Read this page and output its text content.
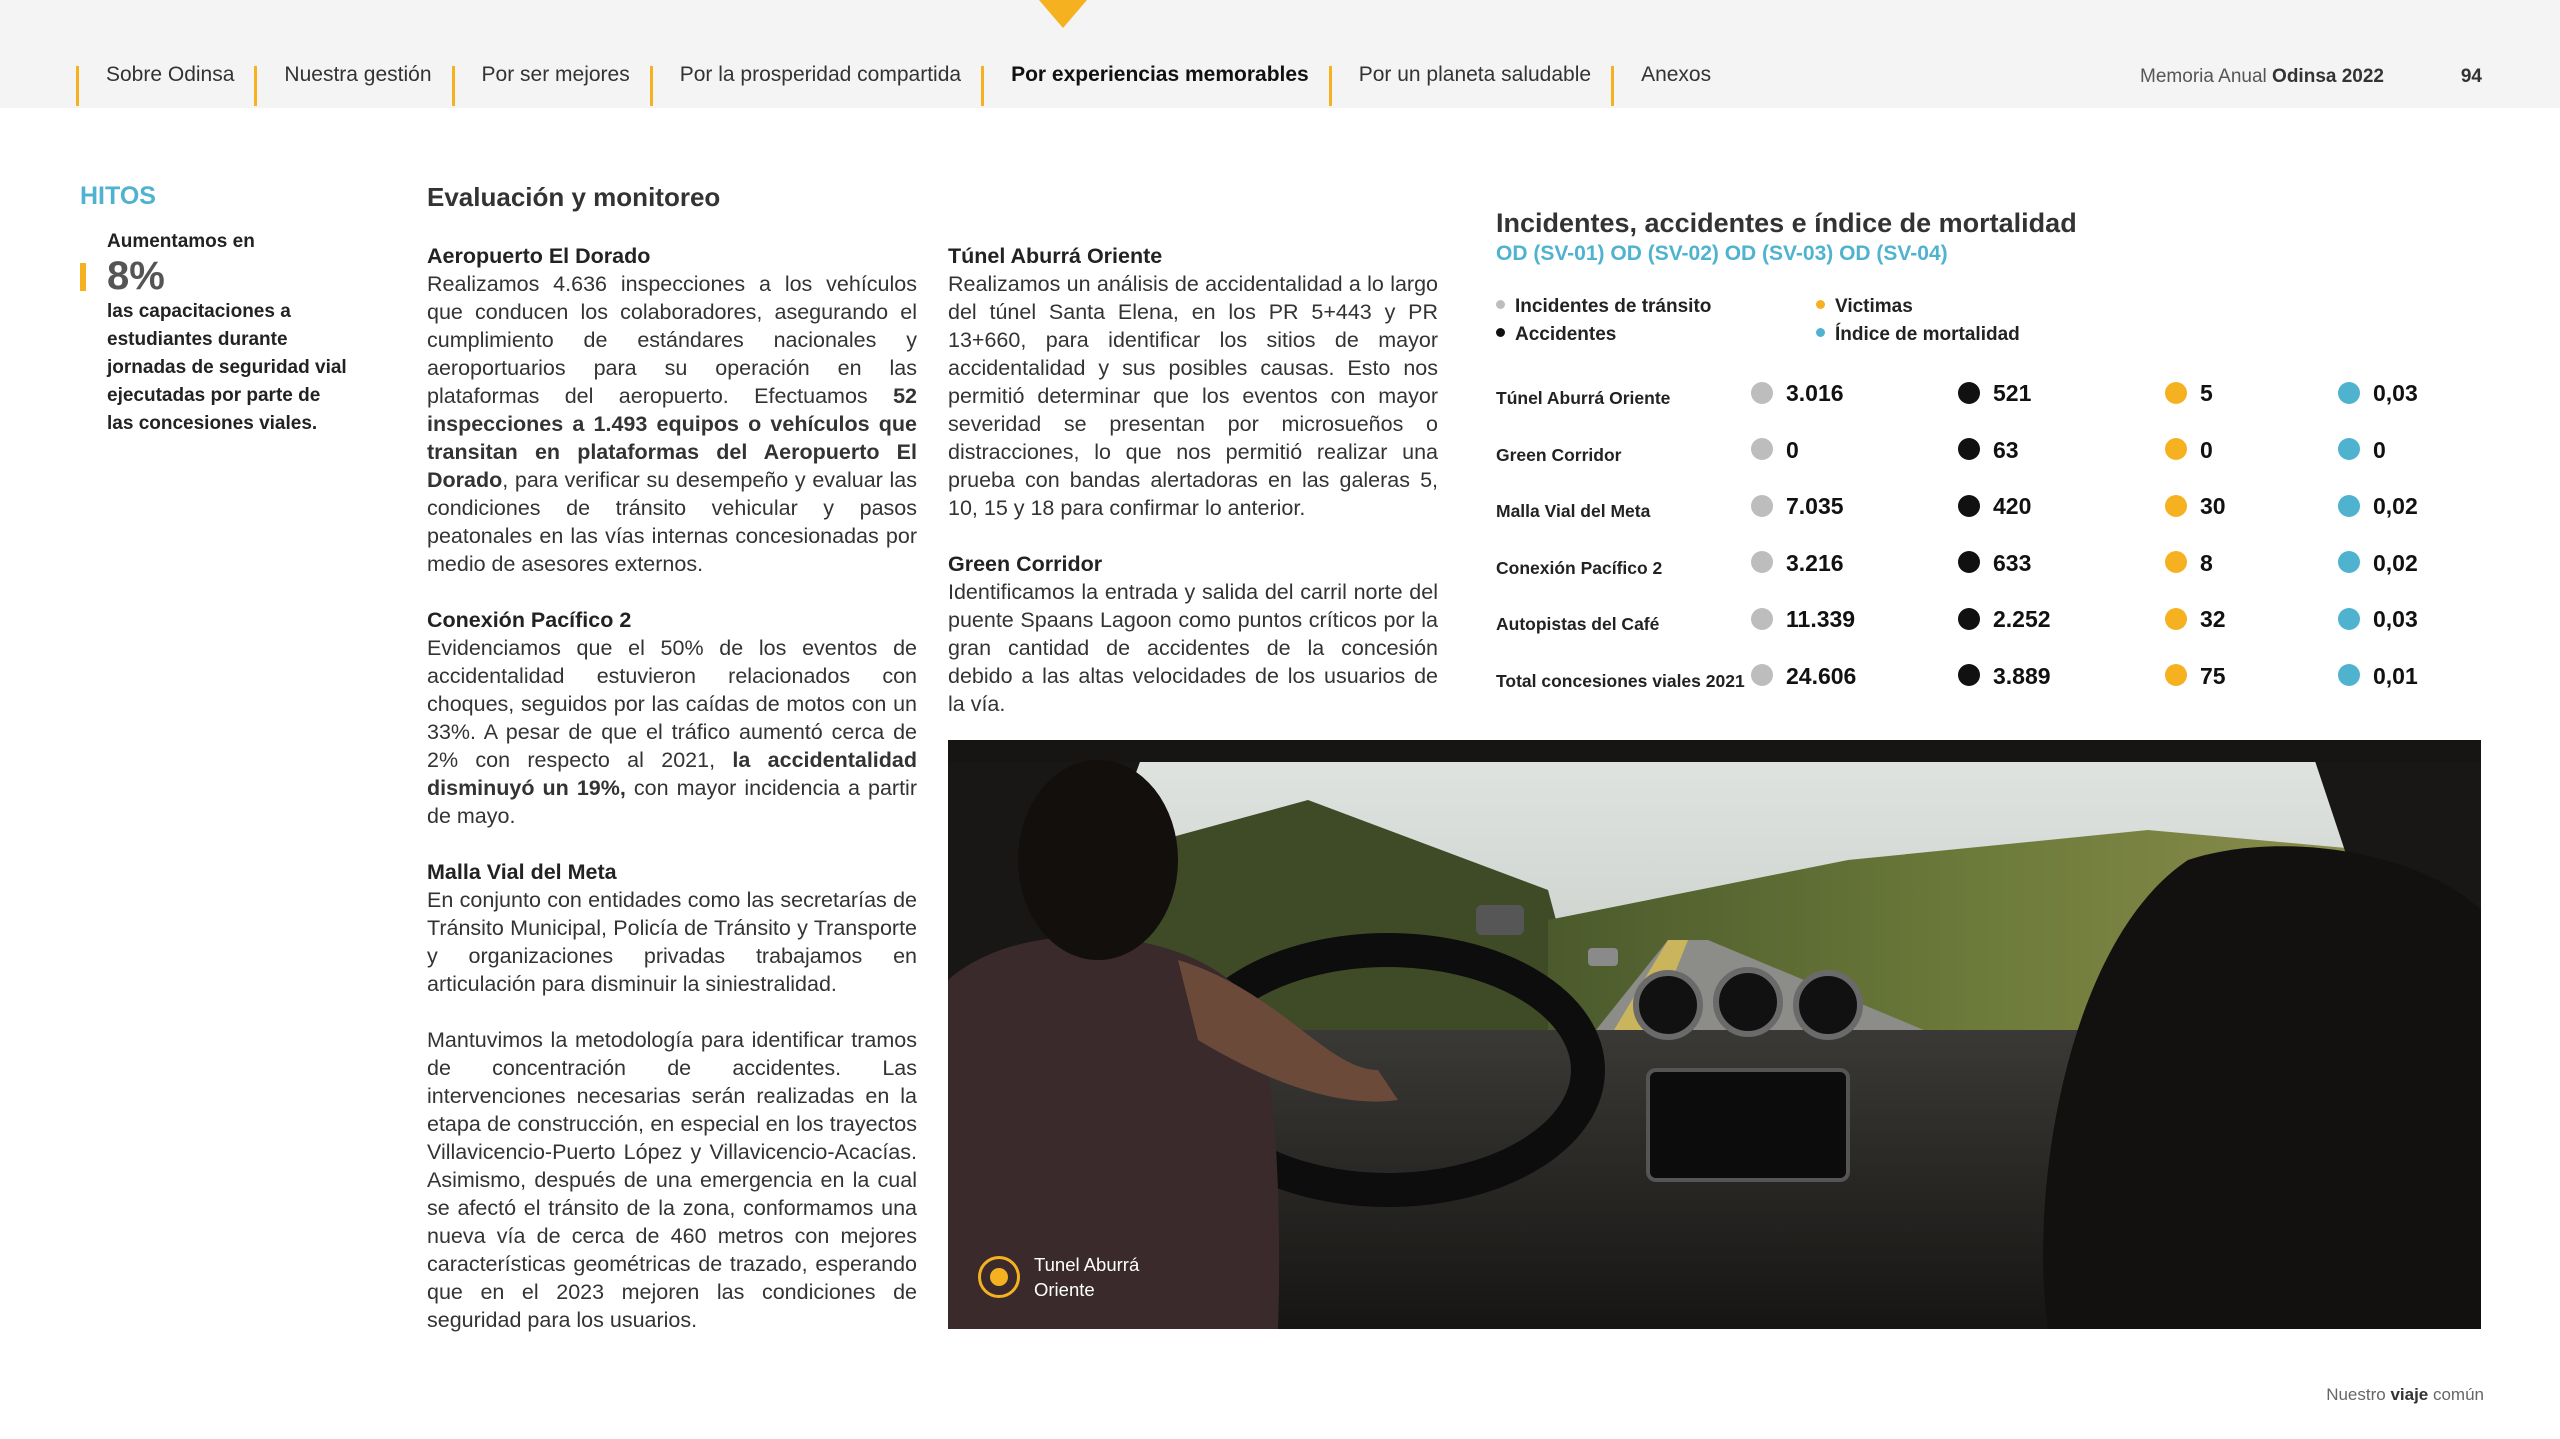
Sobre Odinsa	Nuestra gestión	Por ser mejores	Por la prosperidad compartida	Por experiencias memorables	Por un planeta saludable	Anexos	Memoria Anual Odinsa 2022	94
HITOS
Aumentamos en
8%
las capacitaciones a estudiantes durante jornadas de seguridad vial ejecutadas por parte de las concesiones viales.
Evaluación y monitoreo
Aeropuerto El Dorado
Realizamos 4.636 inspecciones a los vehículos que conducen los colaboradores, asegurando el cumplimiento de estándares nacionales y aeroportuarios para su operación en las plataformas del aeropuerto. Efectuamos 52 inspecciones a 1.493 equipos o vehículos que transitan en plataformas del Aeropuerto El Dorado, para verificar su desempeño y evaluar las condiciones de tránsito vehicular y pasos peatonales en las vías internas concesionadas por medio de asesores externos.
Conexión Pacífico 2
Evidenciamos que el 50% de los eventos de accidentalidad estuvieron relacionados con choques, seguidos por las caídas de motos con un 33%. A pesar de que el tráfico aumentó cerca de 2% con respecto al 2021, la accidentalidad disminuyó un 19%, con mayor incidencia a partir de mayo.
Malla Vial del Meta
En conjunto con entidades como las secretarías de Tránsito Municipal, Policía de Tránsito y Transporte y organizaciones privadas trabajamos en articulación para disminuir la siniestralidad.
Mantuvimos la metodología para identificar tramos de concentración de accidentes. Las intervenciones necesarias serán realizadas en la etapa de construcción, en especial en los trayectos Villavicencio-Puerto López y Villavicencio-Acacías. Asimismo, después de una emergencia en la cual se afectó el tránsito de la zona, conformamos una nueva vía de cerca de 460 metros con mejores características geométricas de trazado, esperando que en el 2023 mejoren las condiciones de seguridad para los usuarios.
Túnel Aburrá Oriente
Realizamos un análisis de accidentalidad a lo largo del túnel Santa Elena, en los PR 5+443 y PR 13+660, para identificar los sitios de mayor accidentalidad y sus posibles causas. Esto nos permitió determinar que los eventos con mayor severidad se presentan por microsueños o distracciones, lo que nos permitió realizar una prueba con bandas alertadoras en las galeras 5, 10, 15 y 18 para confirmar lo anterior.
Green Corridor
Identificamos la entrada y salida del carril norte del puente Spaans Lagoon como puntos críticos por la gran cantidad de accidentes de la concesión debido a las altas velocidades de los usuarios de la vía.
Incidentes, accidentes e índice de mortalidad
OD (SV-01) OD (SV-02) OD (SV-03) OD (SV-04)
Incidentes de tránsito	Victimas
Accidentes	Índice de mortalidad
Túnel Aburrá Oriente	3.016	521	5	0,03
Green Corridor	0	63	0	0
Malla Vial del Meta	7.035	420	30	0,02
Conexión Pacífico 2	3.216	633	8	0,02
Autopistas del Café	11.339	2.252	32	0,03
Total concesiones viales 2021	24.606	3.889	75	0,01
Tunel Aburrá Oriente
Nuestro viaje común
